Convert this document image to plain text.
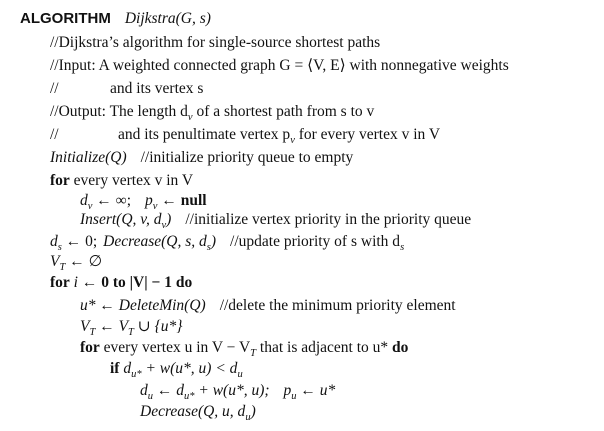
ALGORITHM Dijkstra(G, s)
//Dijkstra’s algorithm for single-source shortest paths
//Input: A weighted connected graph G = ⟨V, E⟩ with nonnegative weights
//	and its vertex s
//Output: The length $d_v$ of a shortest path from s to v
//	and its penultimate vertex $p_v$ for every vertex v in V
Initialize(Q) //initialize priority queue to empty
for every vertex v in V
$d_v$ ← ∞; $p_v$ ← null
Insert(Q, v, $d_v$) //initialize vertex priority in the priority queue
$d_s$ ← 0; Decrease(Q, s, $d_s$) //update priority of s with $d_s$
$V_T$ ← ∅
for i ← 0 to |V| − 1 do
u* ← DeleteMin(Q) //delete the minimum priority element
$V_T$ ← $V_T$ ∪ {u*}
for every vertex u in $V - V_T$ that is adjacent to u* do
if $d_{u*} + w(u*$, $u) < d_u$
$d_u$ ← $d_{u*} + w(u*$, u); $p_u$ ← u*
Decrease(Q, u, $d_u$)
